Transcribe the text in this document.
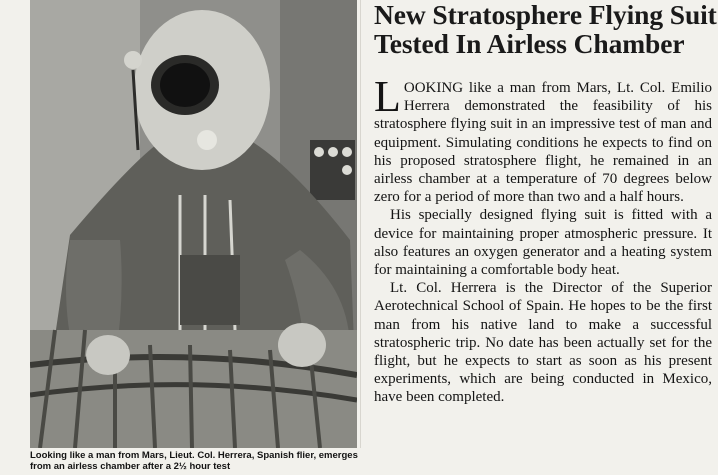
New Stratosphere Flying Suit
Tested In Airless Chamber

LOOKING like a man from Mars, Lt. Col. Emilio Herrera demonstrated the feasibility of his stratosphere flying suit in an impressive test of man and equipment. Simulating conditions he expects to find on his proposed stratosphere flight, he remained in an airless chamber at a temperature of 70 degrees below zero for a period of more than two and a half hours.

His specially designed flying suit is fitted with a device for maintaining proper atmospheric pressure. It also features an oxygen generator and a heating system for maintaining a comfortable body heat.

Lt. Col. Herrera is the Director of the Superior Aerotechnical School of Spain. He hopes to be the first man from his native land to make a successful stratospheric trip. No date has been actually set for the flight, but he expects to start as soon as his present experiments, which are being conducted in Mexico, have been completed.

Looking like a man from Mars, Lieut. Col. Herrera, Spanish flier, emerges from an airless chamber after a 2½ hour test
